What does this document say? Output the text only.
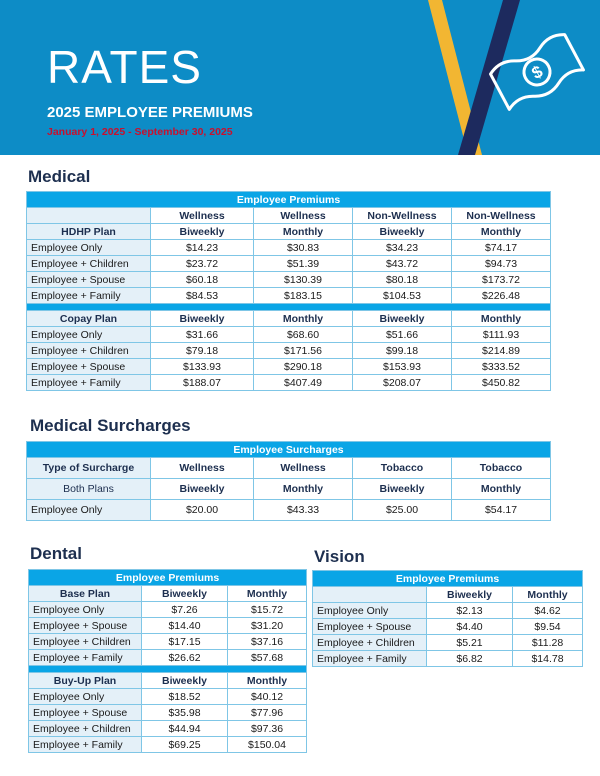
RATES
2025 EMPLOYEE PREMIUMS
January 1, 2025 - September 30, 2025
$
Medical
Employee Premiums				
	Wellness	Wellness	Non-Wellness	Non-Wellness
HDHP Plan	Biweekly	Monthly	Biweekly	Monthly
Employee Only	$14.23	$30.83	$34.23	$74.17
Employee + Children	$23.72	$51.39	$43.72	$94.73
Employee + Spouse	$60.18	$130.39	$80.18	$173.72
Employee + Family	$84.53	$183.15	$104.53	$226.48

Copay Plan	Biweekly	Monthly	Biweekly	Monthly
Employee Only	$31.66	$68.60	$51.66	$111.93
Employee + Children	$79.18	$171.56	$99.18	$214.89
Employee + Spouse	$133.93	$290.18	$153.93	$333.52
Employee + Family	$188.07	$407.49	$208.07	$450.82
Medical Surcharges
Employee Surcharges				
Type of Surcharge	Wellness	Wellness	Tobacco	Tobacco
Both Plans	Biweekly	Monthly	Biweekly	Monthly
Employee Only	$20.00	$43.33	$25.00	$54.17
Dental
Employee Premiums		
Base Plan	Biweekly	Monthly
Employee Only	$7.26	$15.72
Employee + Spouse	$14.40	$31.20
Employee + Children	$17.15	$37.16
Employee + Family	$26.62	$57.68

Buy-Up Plan	Biweekly	Monthly
Employee Only	$18.52	$40.12
Employee + Spouse	$35.98	$77.96
Employee + Children	$44.94	$97.36
Employee + Family	$69.25	$150.04
Vision
Employee Premiums		
	Biweekly	Monthly
Employee Only	$2.13	$4.62
Employee + Spouse	$4.40	$9.54
Employee + Children	$5.21	$11.28
Employee + Family	$6.82	$14.78
